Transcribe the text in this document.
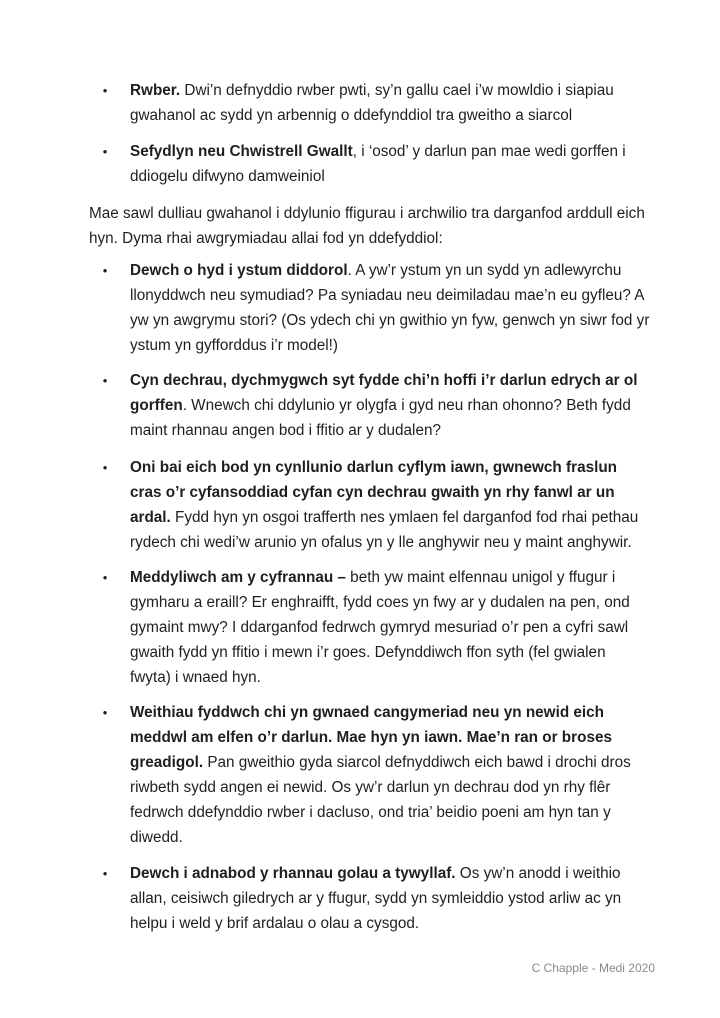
• Rwber. Dwi’n defnyddio rwber pwti, sy’n gallu cael i’w mowldio i siapiau gwahanol ac sydd yn arbennig o ddefynddiol tra gweitho a siarcol
• Sefydlyn neu Chwistrell Gwallt, i ‘osod’ y darlun pan mae wedi gorffen i ddiogelu difwyno damweiniol

Mae sawl dulliau gwahanol i ddylunio ffigurau i archwilio tra darganfod arddull eich hyn. Dyma rhai awgrymiadau allai fod yn ddefyddiol:

• Dewch o hyd i ystum diddorol. A yw’r ystum yn un sydd yn adlewyrchu llonyddwch neu symudiad? Pa syniadau neu deimiladau mae’n eu gyfleu? A yw yn awgrymu stori? (Os ydech chi yn gwithio yn fyw, genwch yn siwr fod yr ystum yn gyfforddus i’r model!)
• Cyn dechrau, dychmygwch syt fydde chi’n hoffi i’r darlun edrych ar ol gorffen. Wnewch chi ddylunio yr olygfa i gyd neu rhan ohonno? Beth fydd maint rhannau angen bod i ffitio ar y dudalen?
• Oni bai eich bod yn cynllunio darlun cyflym iawn, gwnewch fraslun cras o’r cyfansoddiad cyfan cyn dechrau gwaith yn rhy fanwl ar un ardal. Fydd hyn yn osgoi trafferth nes ymlaen fel darganfod fod rhai pethau rydech chi wedi’w arunio yn ofalus yn y lle anghywir neu y maint anghywir.
• Meddyliwch am y cyfrannau – beth yw maint elfennau unigol y ffugur i gymharu a eraill? Er enghraifft, fydd coes yn fwy ar y dudalen na pen, ond gymaint mwy? I ddarganfod fedrwch gymryd mesuriad o’r pen a cyfri sawl gwaith fydd yn ffitio i mewn i’r goes. Defynddiwch ffon syth (fel gwialen fwyta) i wnaed hyn.
• Weithiau fyddwch chi yn gwnaed cangymeriad neu yn newid eich meddwl am elfen o’r darlun. Mae hyn yn iawn. Mae’n ran or broses greadigol. Pan gweithio gyda siarcol defnyddiwch eich bawd i drochi dros riwbeth sydd angen ei newid. Os yw’r darlun yn dechrau dod yn rhy flêr fedrwch ddefynddio rwber i dacluso, ond tria’ beidio poeni am hyn tan y diwedd.
• Dewch i adnabod y rhannau golau a tywyllaf. Os yw’n anodd i weithio allan, ceisiwch giledrych ar y ffugur, sydd yn symleiddio ystod arliw ac yn helpu i weld y brif ardalau o olau a cysgod.
C Chapple - Medi 2020
